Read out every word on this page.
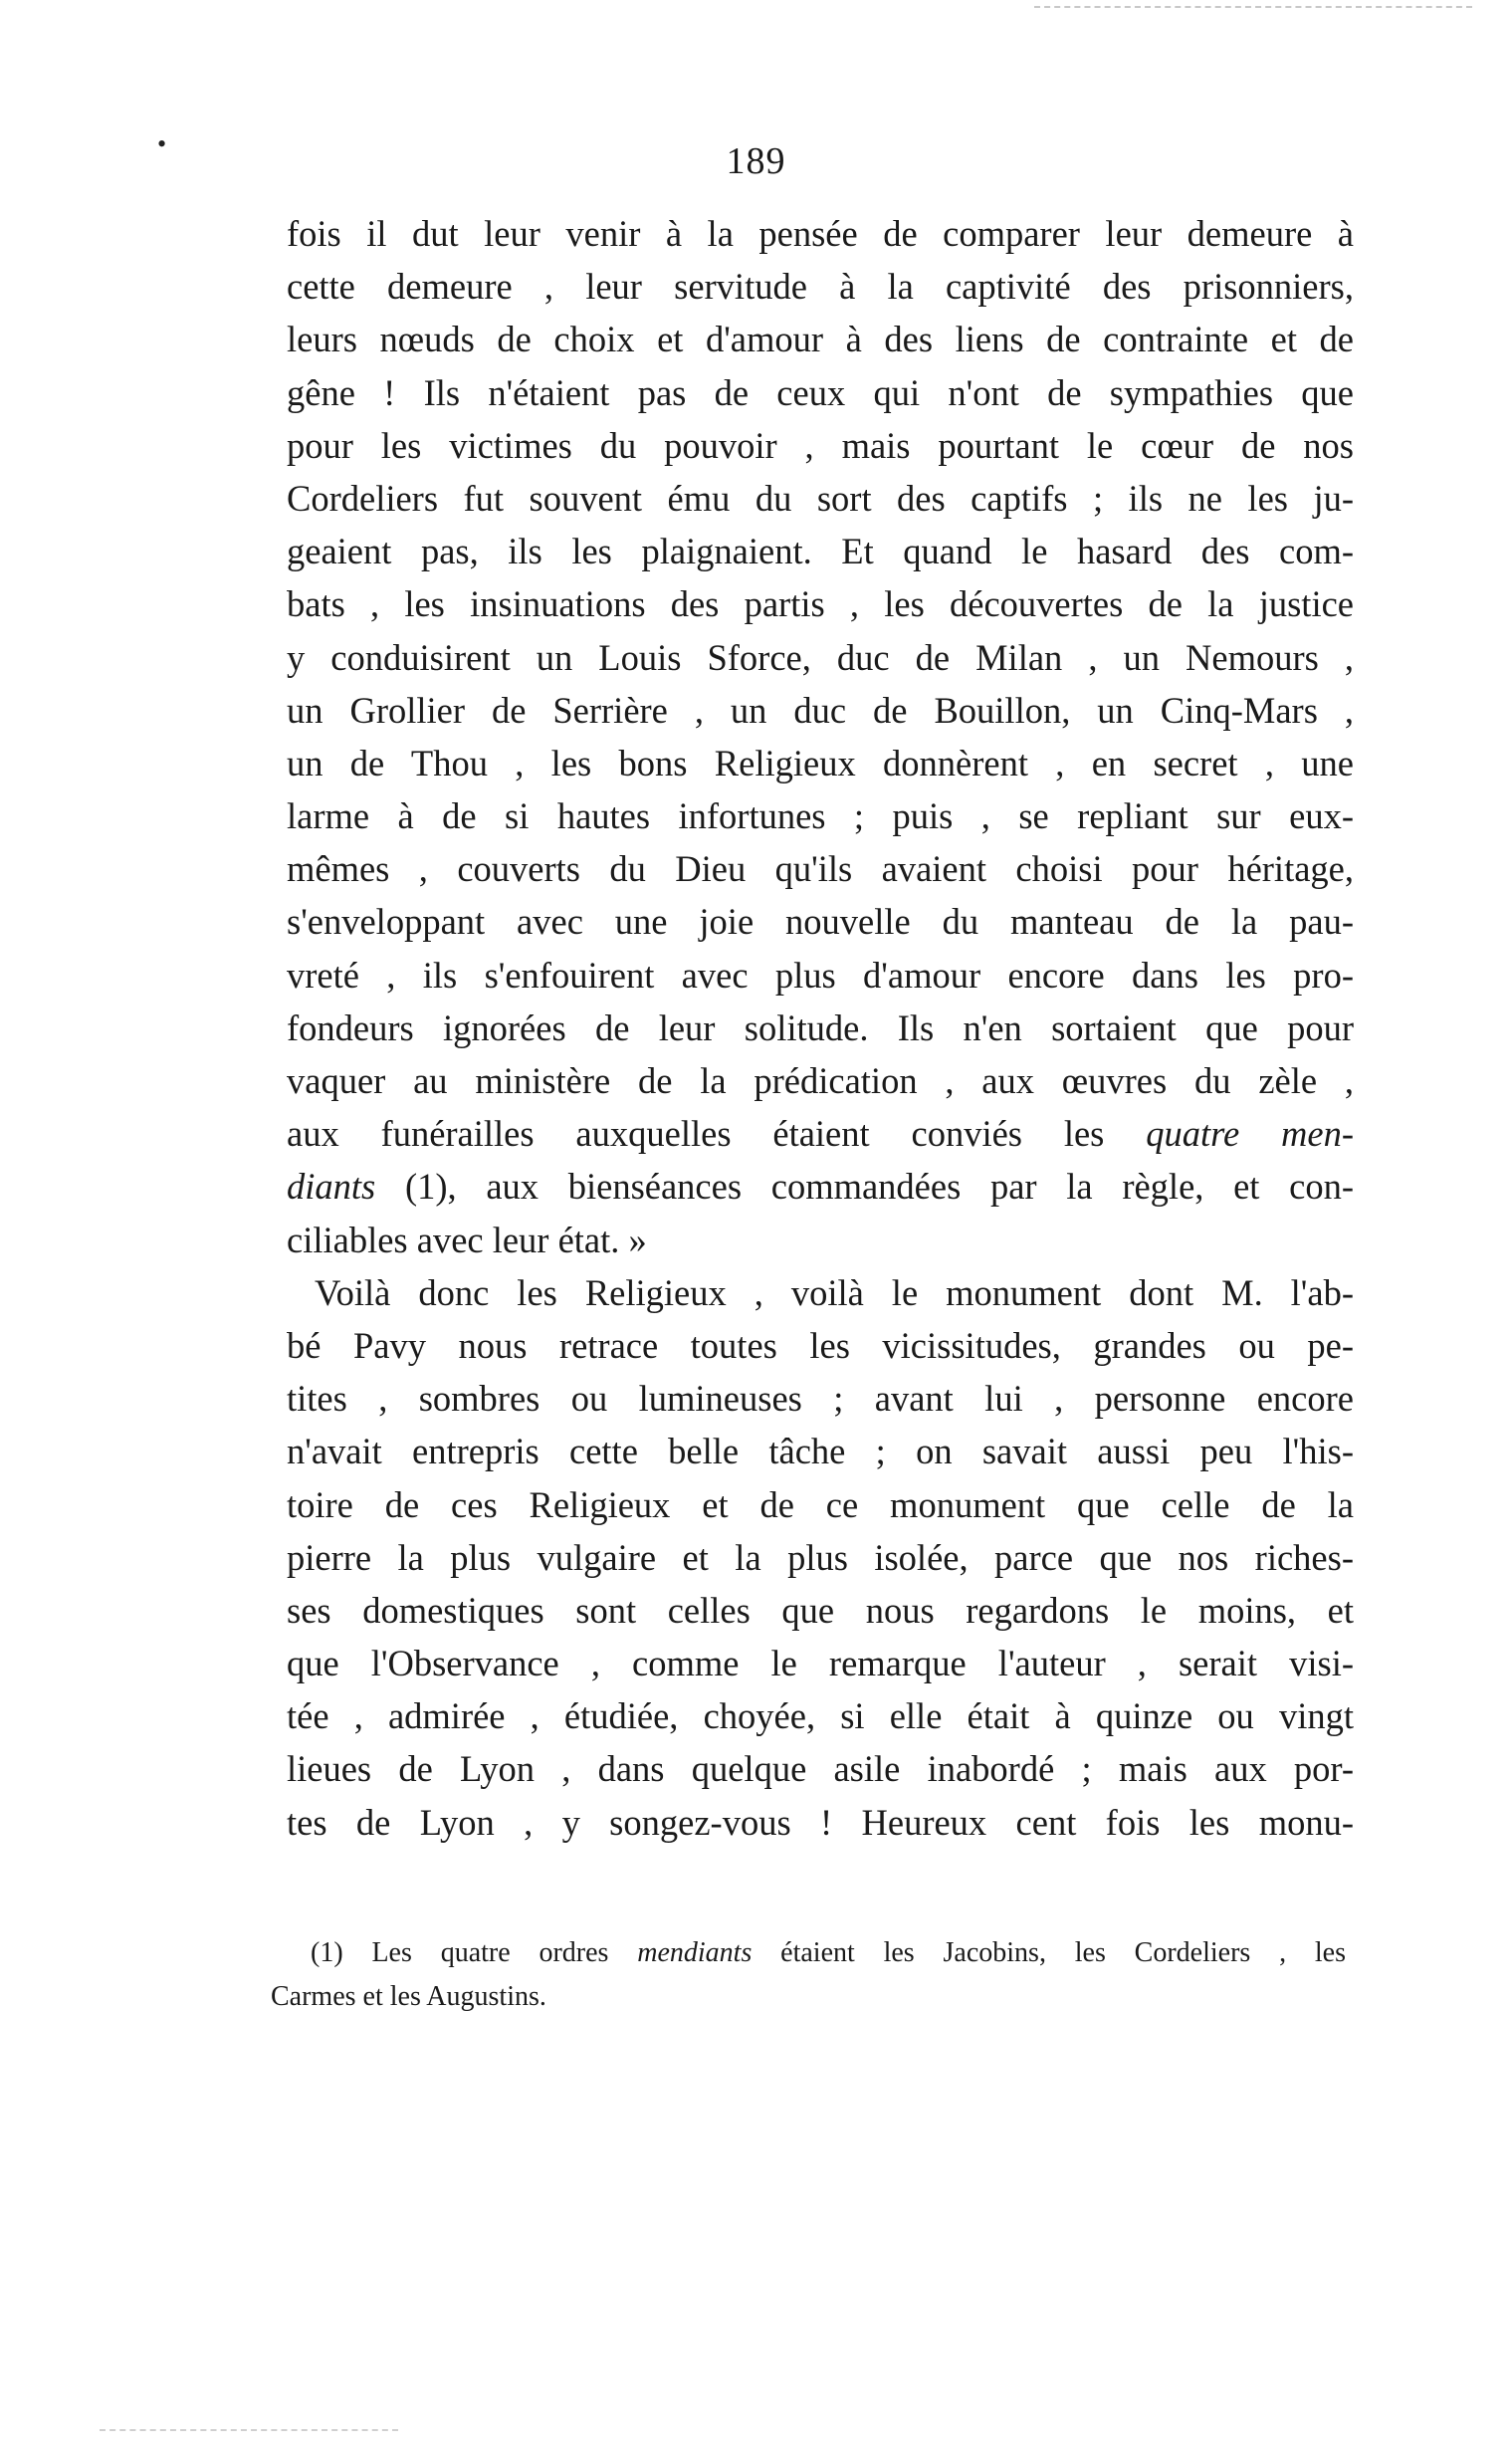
•	189
fois il dut leur venir à la pensée de comparer leur demeure à
cette demeure , leur servitude à la captivité des prisonniers,
leurs nœuds de choix et d'amour à des liens de contrainte et de
gêne ! Ils n'étaient pas de ceux qui n'ont de sympathies que
pour les victimes du pouvoir , mais pourtant le cœur de nos
Cordeliers fut souvent ému du sort des captifs ; ils ne les ju-
geaient pas, ils les plaignaient. Et quand le hasard des com-
bats , les insinuations des partis , les découvertes de la justice
y conduisirent un Louis Sforce, duc de Milan , un Nemours ,
un Grollier de Serrière , un duc de Bouillon, un Cinq-Mars ,
un de Thou , les bons Religieux donnèrent , en secret , une
larme à de si hautes infortunes ; puis , se repliant sur eux-
mêmes , couverts du Dieu qu'ils avaient choisi pour héritage,
s'enveloppant avec une joie nouvelle du manteau de la pau-
vreté , ils s'enfouirent avec plus d'amour encore dans les pro-
fondeurs ignorées de leur solitude. Ils n'en sortaient que pour
vaquer au ministère de la prédication , aux œuvres du zèle ,
aux funérailles auxquelles étaient conviés les quatre men-
diants (1), aux bienséances commandées par la règle, et con-
ciliables avec leur état. »
Voilà donc les Religieux , voilà le monument dont M. l'ab-
bé Pavy nous retrace toutes les vicissitudes, grandes ou pe-
tites , sombres ou lumineuses ; avant lui , personne encore
n'avait entrepris cette belle tâche ; on savait aussi peu l'his-
toire de ces Religieux et de ce monument que celle de la
pierre la plus vulgaire et la plus isolée, parce que nos riches-
ses domestiques sont celles que nous regardons le moins, et
que l'Observance , comme le remarque l'auteur , serait visi-
tée , admirée , étudiée, choyée, si elle était à quinze ou vingt
lieues de Lyon , dans quelque asile inabordé ; mais aux por-
tes de Lyon , y songez-vous ! Heureux cent fois les monu-
(1) Les quatre ordres mendiants étaient les Jacobins, les Cordeliers , les
Carmes et les Augustins.
